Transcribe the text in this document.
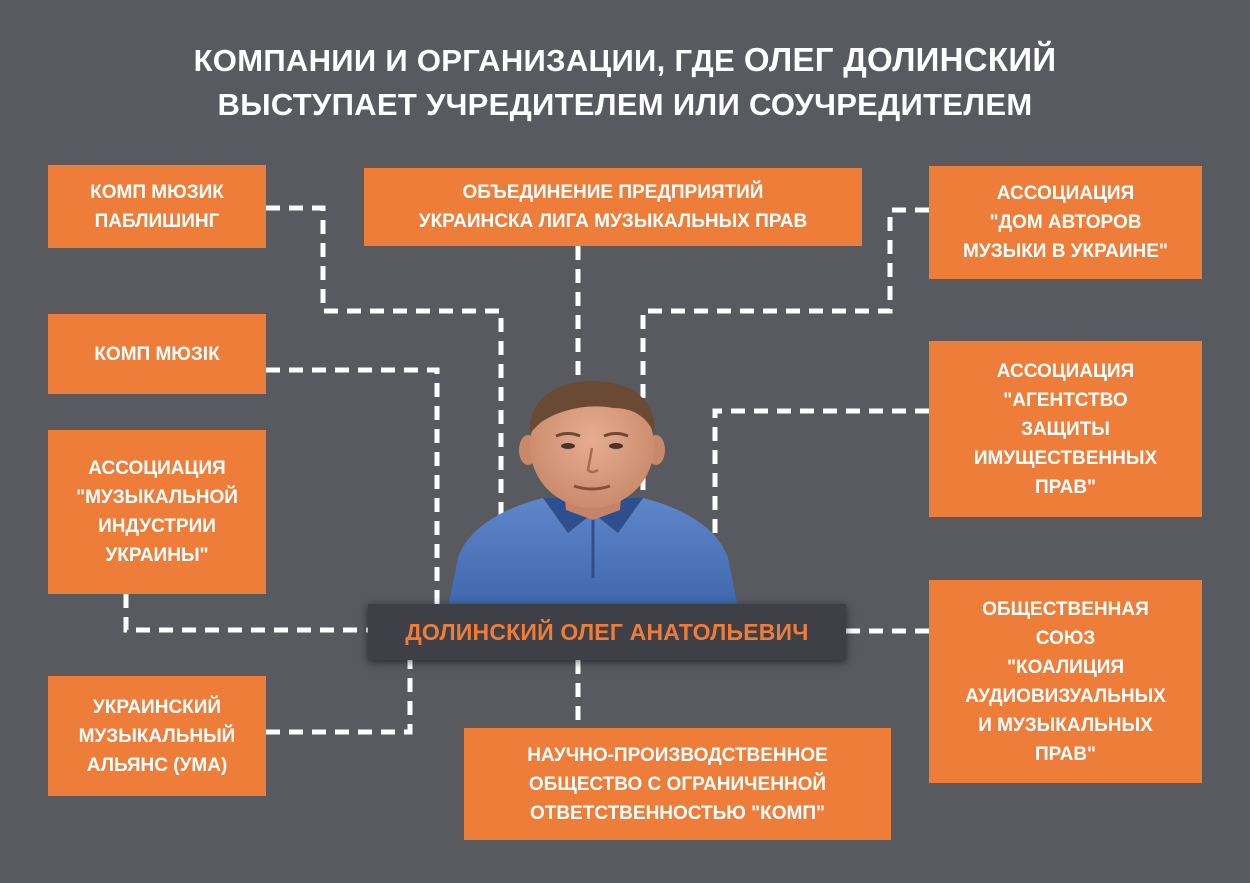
КОМПАНИИ И ОРГАНИЗАЦИИ, ГДЕ ОЛЕГ ДОЛИНСКИЙ
ВЫСТУПАЕТ УЧРЕДИТЕЛЕМ ИЛИ СОУЧРЕДИТЕЛЕМ
КОМП МЮЗИК
ПАБЛИШИНГ
КОМП МЮЗІК
АССОЦИАЦИЯ
"МУЗЫКАЛЬНОЙ
ИНДУСТРИИ
УКРАИНЫ"
УКРАИНСКИЙ
МУЗЫКАЛЬНЫЙ
АЛЬЯНС (УМА)
ОБЪЕДИНЕНИЕ ПРЕДПРИЯТИЙ
УКРАИНСКА ЛИГА МУЗЫКАЛЬНЫХ ПРАВ
НАУЧНО-ПРОИЗВОДСТВЕННОЕ
ОБЩЕСТВО С ОГРАНИЧЕННОЙ
ОТВЕТСТВЕННОСТЬЮ "КОМП"
АССОЦИАЦИЯ
"ДОМ АВТОРОВ
МУЗЫКИ В УКРАИНЕ"
АССОЦИАЦИЯ
"АГЕНТСТВО
ЗАЩИТЫ
ИМУЩЕСТВЕННЫХ
ПРАВ"
ОБЩЕСТВЕННАЯ
СОЮЗ
"КОАЛИЦИЯ
АУДИОВИЗУАЛЬНЫХ
И МУЗЫКАЛЬНЫХ
ПРАВ"
ДОЛИНСКИЙ ОЛЕГ АНАТОЛЬЕВИЧ
